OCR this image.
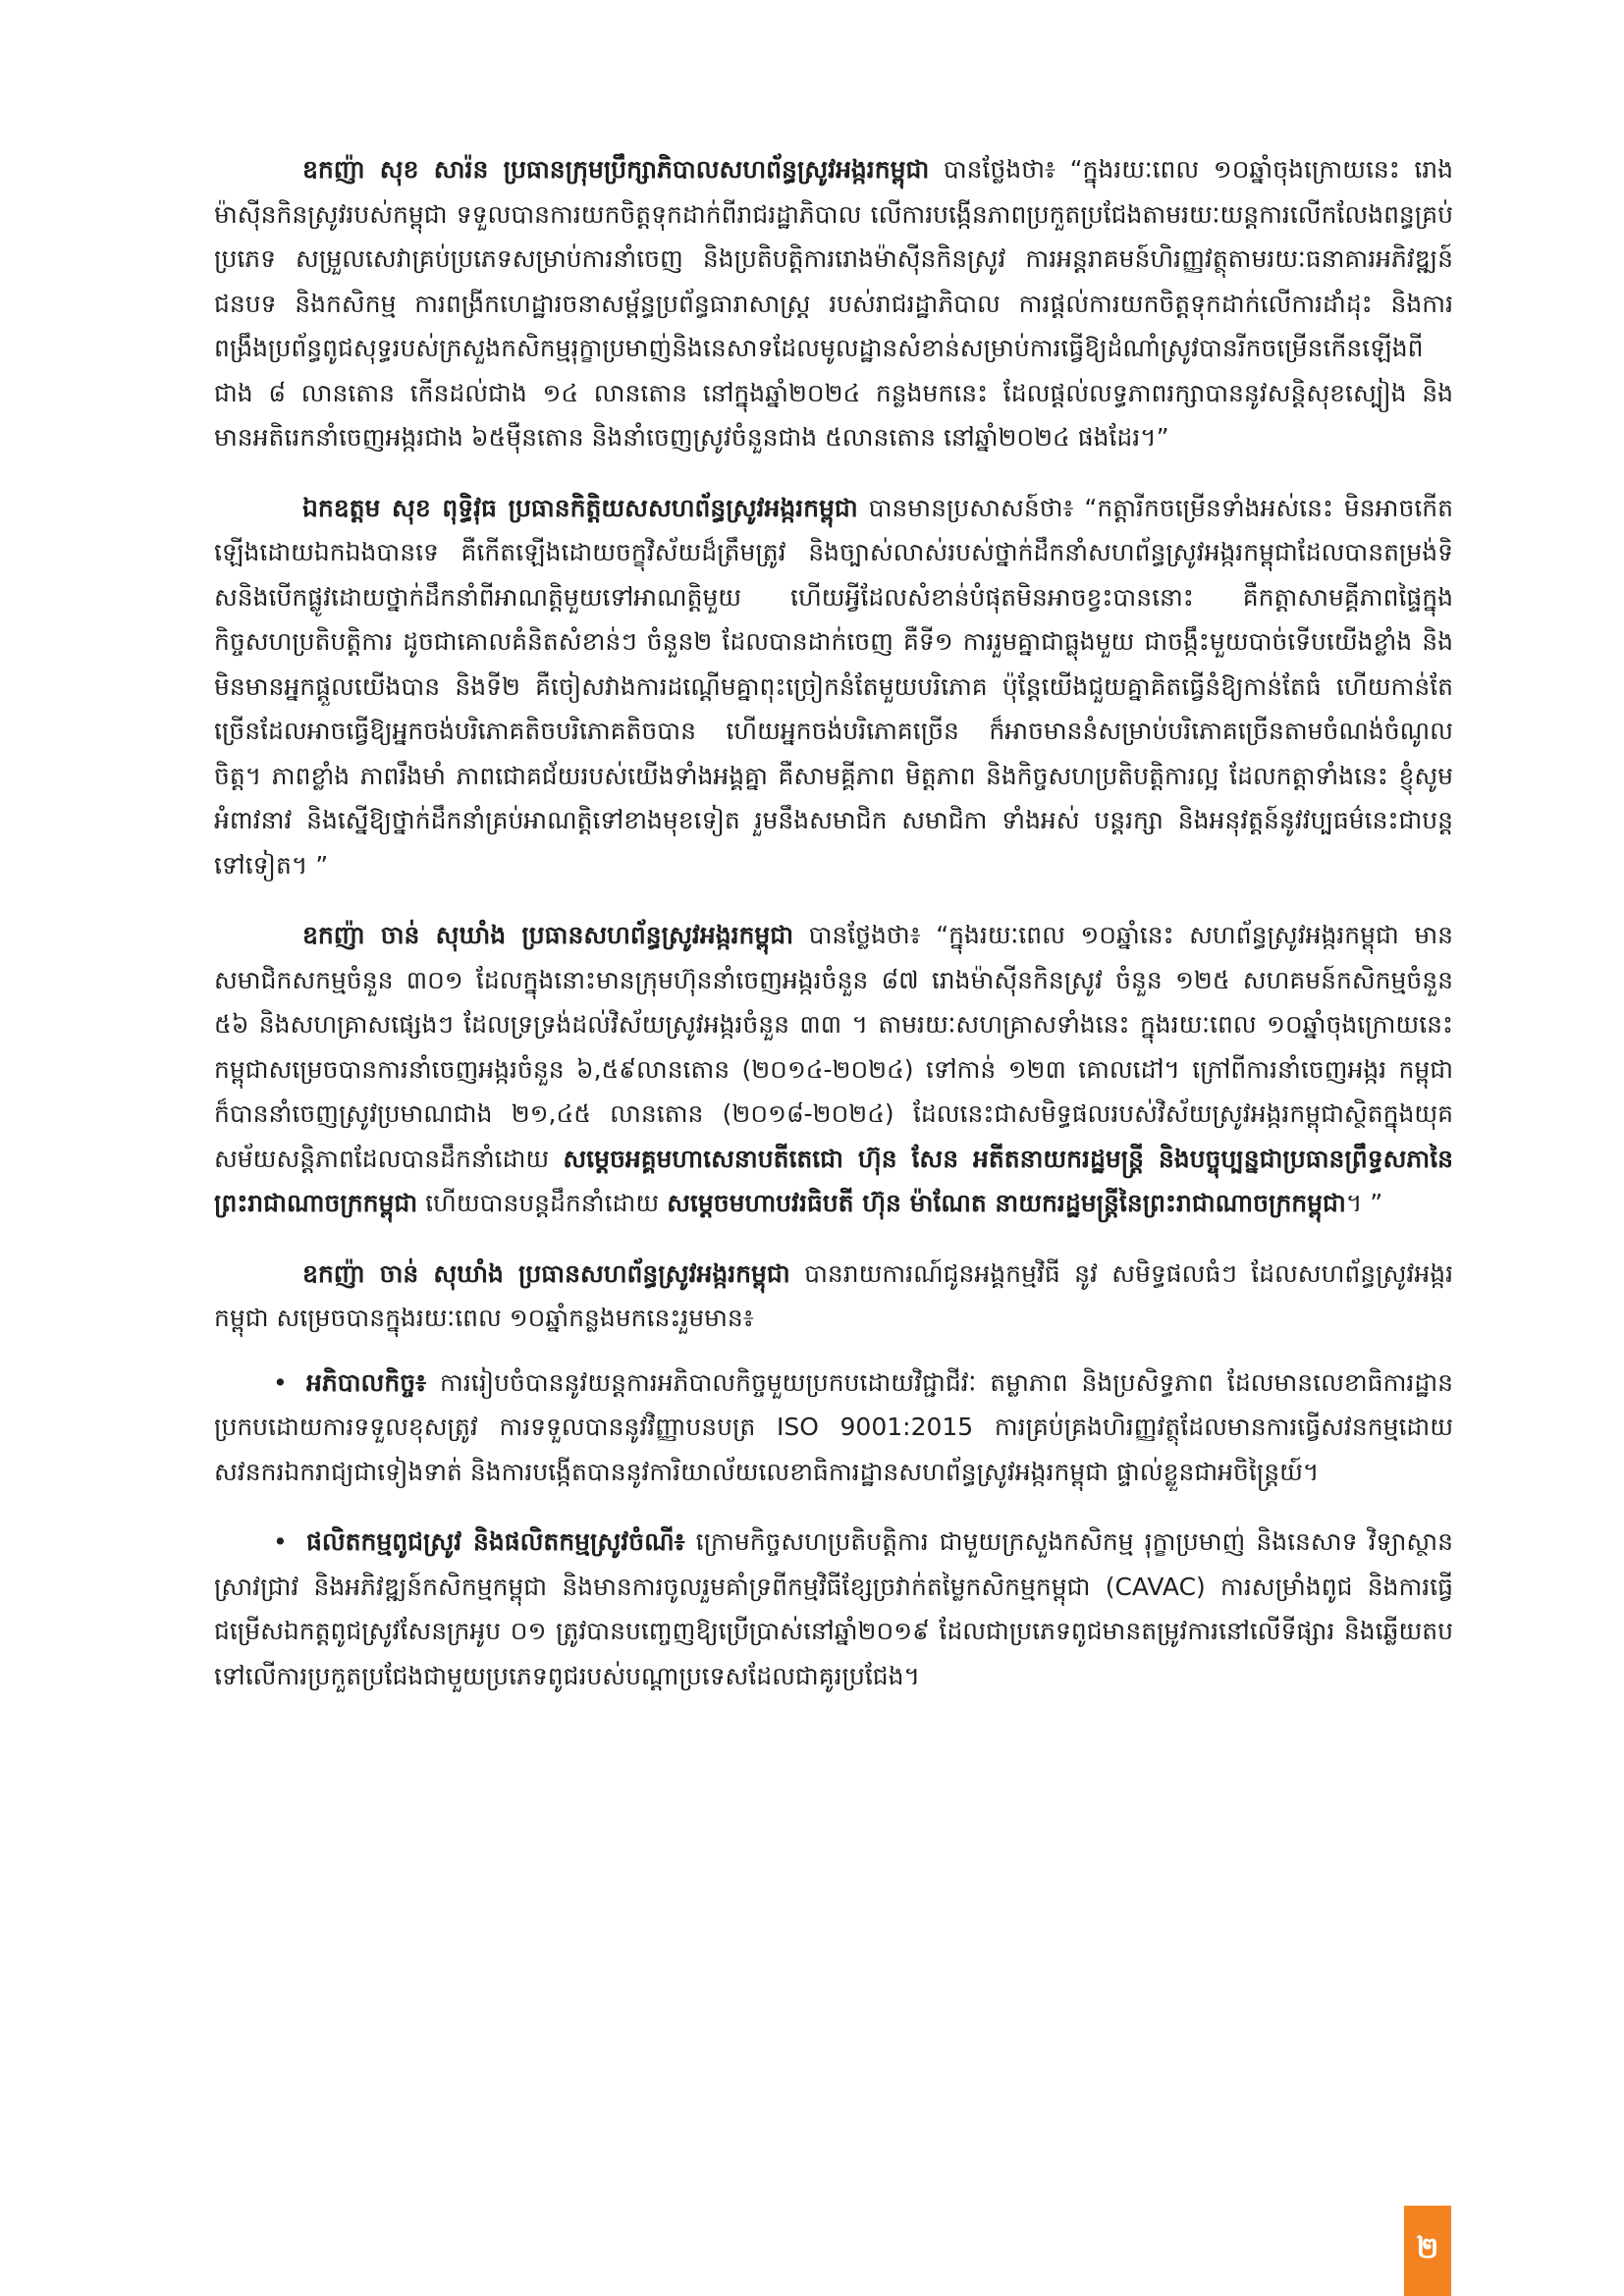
ឧកញ៉ា សុខ សារ៉ន ប្រធានក្រុមប្រឹក្សាភិបាលសហព័ន្ធស្រូវអង្ករកម្ពុជា បានថ្លែងថា៖ “ក្នុងរយៈពេល ១០ឆ្នាំចុងក្រោយនេះ រោងម៉ាស៊ីនកិនស្រូវរបស់កម្ពុជា ទទួលបានការយកចិត្តទុកដាក់ពីរាជរដ្ឋាភិបាល លើការបង្កើនភាពប្រកួតប្រជែងតាមរយៈយន្តការលើកលែងពន្ធគ្រប់ប្រភេទ សម្រួលសេវាគ្រប់ប្រភេទសម្រាប់ការនាំចេញ និងប្រតិបត្តិការរោងម៉ាស៊ីនកិនស្រូវ ការអន្តរាគមន៍ហិរញ្ញវត្ថុតាមរយៈធនាគារអភិវឌ្ឍន៍ជនបទ និងកសិកម្ម ការពង្រីកហេដ្ឋារចនាសម្ព័ន្ធប្រព័ន្ធធារាសាស្ត្រ របស់រាជរដ្ឋាភិបាល ការផ្តល់ការយកចិត្តទុកដាក់លើការដាំដុះ និងការពង្រឹងប្រព័ន្ធពូជសុទ្ធរបស់ក្រសួងកសិកម្មរុក្ខាប្រមាញ់និងនេសាទដែលមូលដ្ឋានសំខាន់សម្រាប់ការធ្វើឱ្យដំណាំស្រូវបានរីកចម្រើនកើនឡើងពីជាង ៨ លានតោន កើនដល់ជាង ១៤ លានតោន នៅក្នុងឆ្នាំ២០២៤ កន្លងមកនេះ ដែលផ្តល់លទ្ធភាពរក្សាបាននូវសន្តិសុខស្បៀង និងមានអតិរេកនាំចេញអង្ករជាង ៦៥ម៉ឺនតោន និងនាំចេញស្រូវចំនួនជាង ៥លានតោន នៅឆ្នាំ២០២៤ ផងដែរ។”

ឯកឧត្តម សុខ ពុទ្ធិវុធ ប្រធានកិត្តិយសសហព័ន្ធស្រូវអង្ករកម្ពុជា បានមានប្រសាសន៍ថា៖ “កត្តារីកចម្រើនទាំងអស់នេះ មិនអាចកើតឡើងដោយឯកឯងបានទេ គឺកើតឡើងដោយចក្ខុវិស័យដ៏ត្រឹមត្រូវ និងច្បាស់លាស់របស់ថ្នាក់ដឹកនាំសហព័ន្ធស្រូវអង្ករកម្ពុជាដែលបានតម្រង់ទិសនិងបើកផ្លូវដោយថ្នាក់ដឹកនាំពីអាណត្តិមួយទៅអាណត្តិមួយ ហើយអ្វីដែលសំខាន់បំផុតមិនអាចខ្វះបាននោះ គឺកត្តាសាមគ្គីភាពផ្ទៃក្នុង កិច្ចសហប្រតិបត្តិការ ដូចជាគោលគំនិតសំខាន់ៗ ចំនួន២ ដែលបានដាក់ចេញ គឺទី១ ការរួមគ្នាជាធ្លុងមួយ ជាចង្កឹះមួយបាច់ទើបយើងខ្លាំង និងមិនមានអ្នកផ្តួលយើងបាន និងទី២ គឺចៀសវាងការដណ្តើមគ្នាពុះច្រៀកនំតែមួយបរិភោគ ប៉ុន្តែយើងជួយគ្នាគិតធ្វើនំឱ្យកាន់តែធំ ហើយកាន់តែច្រើនដែលអាចធ្វើឱ្យអ្នកចង់បរិភោគតិចបរិភោគតិចបាន ហើយអ្នកចង់បរិភោគច្រើន ក៏អាចមាននំសម្រាប់បរិភោគច្រើនតាមចំណង់ចំណូលចិត្ត។ ភាពខ្លាំង ភាពរឹងមាំ ភាពជោគជ័យរបស់យើងទាំងអង្គគ្នា គឺសាមគ្គីភាព មិត្តភាព និងកិច្ចសហប្រតិបត្តិការល្អ ដែលកត្តាទាំងនេះ ខ្ញុំសូមអំពាវនាវ និងស្នើឱ្យថ្នាក់ដឹកនាំគ្រប់អាណត្តិទៅខាងមុខទៀត រួមនឹងសមាជិក សមាជិកា ទាំងអស់ បន្តរក្សា និងអនុវត្តន៍នូវវប្បធម៌នេះជាបន្តទៅទៀត។ ”

ឧកញ៉ា ចាន់ សុឃាំង ប្រធានសហព័ន្ធស្រូវអង្ករកម្ពុជា បានថ្លែងថា៖ “ក្នុងរយៈពេល ១០ឆ្នាំនេះ សហព័ន្ធស្រូវអង្ករកម្ពុជា មានសមាជិកសកម្មចំនួន ៣០១ ដែលក្នុងនោះមានក្រុមហ៊ុននាំចេញអង្ករចំនួន ៨៧ រោងម៉ាស៊ីនកិនស្រូវ ចំនួន ១២៥ សហគមន៍កសិកម្មចំនួន ៥៦ និងសហគ្រាសផ្សេងៗ ដែលទ្រទ្រង់ដល់វិស័យស្រូវអង្ករចំនួន ៣៣ ។ តាមរយៈសហគ្រាសទាំងនេះ ក្នុងរយៈពេល ១០ឆ្នាំចុងក្រោយនេះ កម្ពុជាសម្រេចបានការនាំចេញអង្ករចំនួន ៦,៥៩លានតោន (២០១៤-២០២៤) ទៅកាន់ ១២៣ គោលដៅ។ ក្រៅពីការនាំចេញអង្ករ កម្ពុជា ក៏បាននាំចេញស្រូវប្រមាណជាង ២១,៤៥ លានតោន (២០១៨-២០២៤) ដែលនេះជាសមិទ្ធផលរបស់វិស័យស្រូវអង្ករកម្ពុជាស្ថិតក្នុងយុគសម័យសន្តិភាពដែលបានដឹកនាំដោយ សម្តេចអគ្គមហាសេនាបតីតេជោ ហ៊ុន សែន អតីតនាយករដ្ឋមន្ត្រី និងបច្ចុប្បន្នជាប្រធានព្រឹទ្ធសភានៃព្រះរាជាណាចក្រកម្ពុជា ហើយបានបន្តដឹកនាំដោយ សម្តេចមហាបវរធិបតី ហ៊ុន ម៉ាណែត នាយករដ្ឋមន្ត្រីនៃព្រះរាជាណាចក្រកម្ពុជា។ ”

ឧកញ៉ា ចាន់ សុឃាំង ប្រធានសហព័ន្ធស្រូវអង្ករកម្ពុជា បានរាយការណ៍ជូនអង្គកម្មវិធី នូវ សមិទ្ធផលធំៗ ដែលសហព័ន្ធស្រូវអង្ករកម្ពុជា សម្រេចបានក្នុងរយៈពេល ១០ឆ្នាំកន្លងមកនេះរួមមាន៖

• អភិបាលកិច្ច៖ ការរៀបចំបាននូវយន្តការអភិបាលកិច្ចមួយប្រកបដោយវិជ្ជាជីវៈ តម្លាភាព និងប្រសិទ្ធភាព ដែលមានលេខាធិការដ្ឋានប្រកបដោយការទទួលខុសត្រូវ ការទទួលបាននូវវិញ្ញាបនបត្រ ISO 9001:2015 ការគ្រប់គ្រងហិរញ្ញវត្ថុដែលមានការធ្វើសវនកម្មដោយសវនករឯករាជ្យជាទៀងទាត់ និងការបង្កើតបាននូវការិយាល័យលេខាធិការដ្ឋានសហព័ន្ធស្រូវអង្ករកម្ពុជា ផ្ទាល់ខ្លួនជាអចិន្ត្រៃយ៍។

• ផលិតកម្មពូជស្រូវ និងផលិតកម្មស្រូវចំណី៖ ក្រោមកិច្ចសហប្រតិបត្តិការ ជាមួយក្រសួងកសិកម្ម រុក្ខាប្រមាញ់ និងនេសាទ វិទ្យាស្ថានស្រាវជ្រាវ និងអភិវឌ្ឍន៍កសិកម្មកម្ពុជា និងមានការចូលរួមគាំទ្រពីកម្មវិធីខ្សែច្រវាក់តម្លៃកសិកម្មកម្ពុជា (CAVAC) ការសម្រាំងពូជ និងការធ្វើជម្រើសឯកត្តពូជស្រូវសែនក្រអូប ០១ ត្រូវបានបញ្ចេញឱ្យប្រើប្រាស់នៅឆ្នាំ២០១៩ ដែលជាប្រភេទពូជមានតម្រូវការនៅលើទីផ្សារ និងឆ្លើយតបទៅលើការប្រកួតប្រជែងជាមួយប្រភេទពូជរបស់បណ្តាប្រទេសដែលជាគូរប្រជែង។

២
